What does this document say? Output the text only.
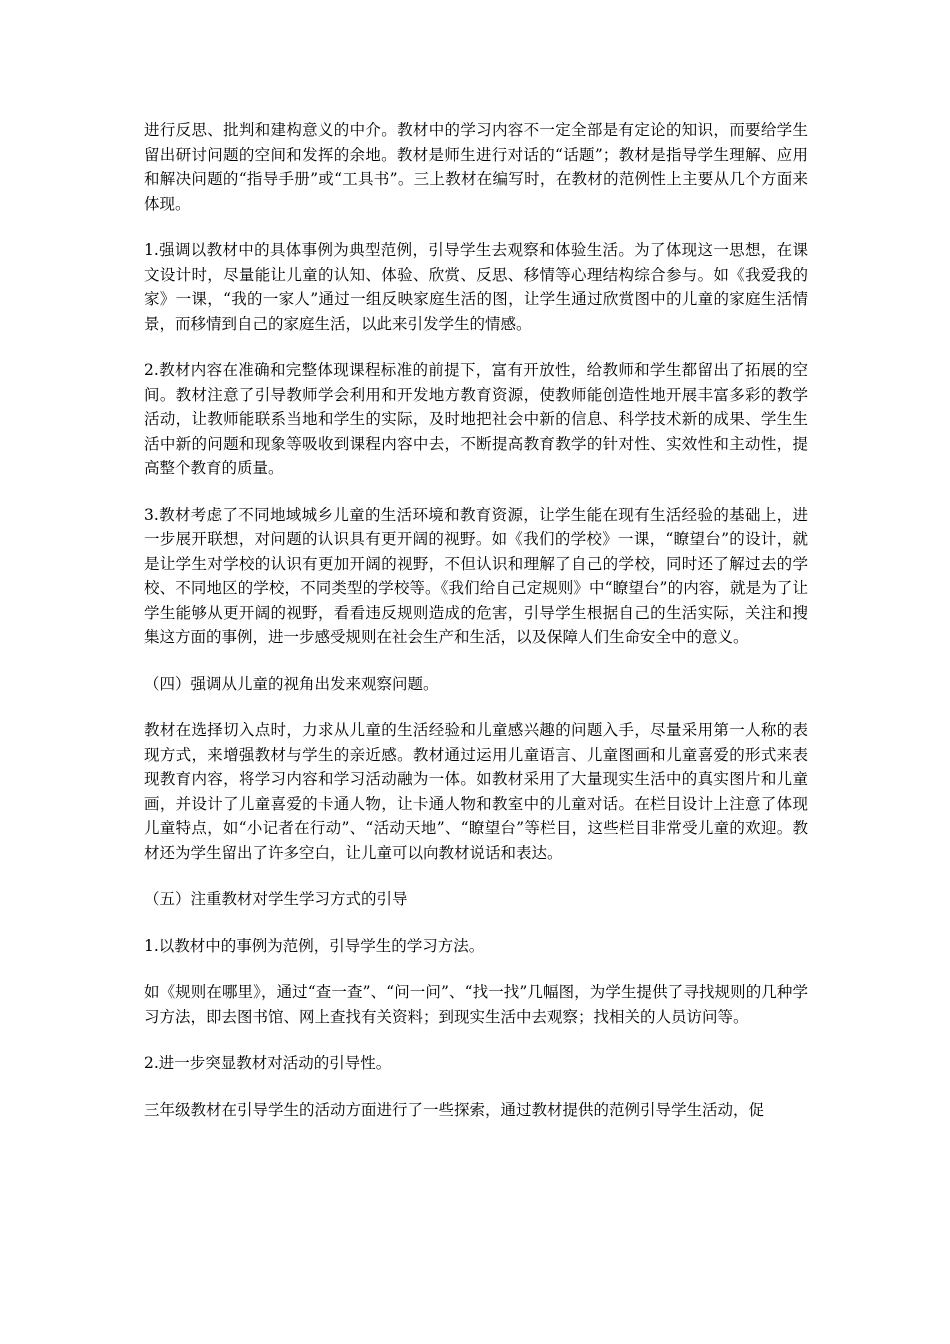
进行反思、批判和建构意义的中介。教材中的学习内容不一定全部是有定论的知识，而要给学生留出研讨问题的空间和发挥的余地。教材是师生进行对话的“话题”；教材是指导学生理解、应用和解决问题的“指导手册”或“工具书”。三上教材在编写时，在教材的范例性上主要从几个方面来体现。

1.强调以教材中的具体事例为典型范例，引导学生去观察和体验生活。为了体现这一思想，在课文设计时，尽量能让儿童的认知、体验、欣赏、反思、移情等心理结构综合参与。如《我爱我的家》一课，“我的一家人”通过一组反映家庭生活的图，让学生通过欣赏图中的儿童的家庭生活情景，而移情到自己的家庭生活，以此来引发学生的情感。

2.教材内容在准确和完整体现课程标准的前提下，富有开放性，给教师和学生都留出了拓展的空间。教材注意了引导教师学会利用和开发地方教育资源，使教师能创造性地开展丰富多彩的教学活动，让教师能联系当地和学生的实际，及时地把社会中新的信息、科学技术新的成果、学生生活中新的问题和现象等吸收到课程内容中去，不断提高教育教学的针对性、实效性和主动性，提高整个教育的质量。

3.教材考虑了不同地域城乡儿童的生活环境和教育资源，让学生能在现有生活经验的基础上，进一步展开联想，对问题的认识具有更开阔的视野。如《我们的学校》一课，“瞭望台”的设计，就是让学生对学校的认识有更加开阔的视野，不但认识和理解了自己的学校，同时还了解过去的学校、不同地区的学校，不同类型的学校等。《我们给自己定规则》中“瞭望台”的内容，就是为了让学生能够从更开阔的视野，看看违反规则造成的危害，引导学生根据自己的生活实际，关注和搜集这方面的事例，进一步感受规则在社会生产和生活，以及保障人们生命安全中的意义。

（四）强调从儿童的视角出发来观察问题。

教材在选择切入点时，力求从儿童的生活经验和儿童感兴趣的问题入手，尽量采用第一人称的表现方式，来增强教材与学生的亲近感。教材通过运用儿童语言、儿童图画和儿童喜爱的形式来表现教育内容，将学习内容和学习活动融为一体。如教材采用了大量现实生活中的真实图片和儿童画，并设计了儿童喜爱的卡通人物，让卡通人物和教室中的儿童对话。在栏目设计上注意了体现儿童特点，如“小记者在行动”、“活动天地”、“瞭望台”等栏目，这些栏目非常受儿童的欢迎。教材还为学生留出了许多空白，让儿童可以向教材说话和表达。

（五）注重教材对学生学习方式的引导

1.以教材中的事例为范例，引导学生的学习方法。

如《规则在哪里》，通过“查一查”、“问一问”、“找一找”几幅图，为学生提供了寻找规则的几种学习方法，即去图书馆、网上查找有关资料；到现实生活中去观察；找相关的人员访问等。

2.进一步突显教材对活动的引导性。

三年级教材在引导学生的活动方面进行了一些探索，通过教材提供的范例引导学生活动，促
